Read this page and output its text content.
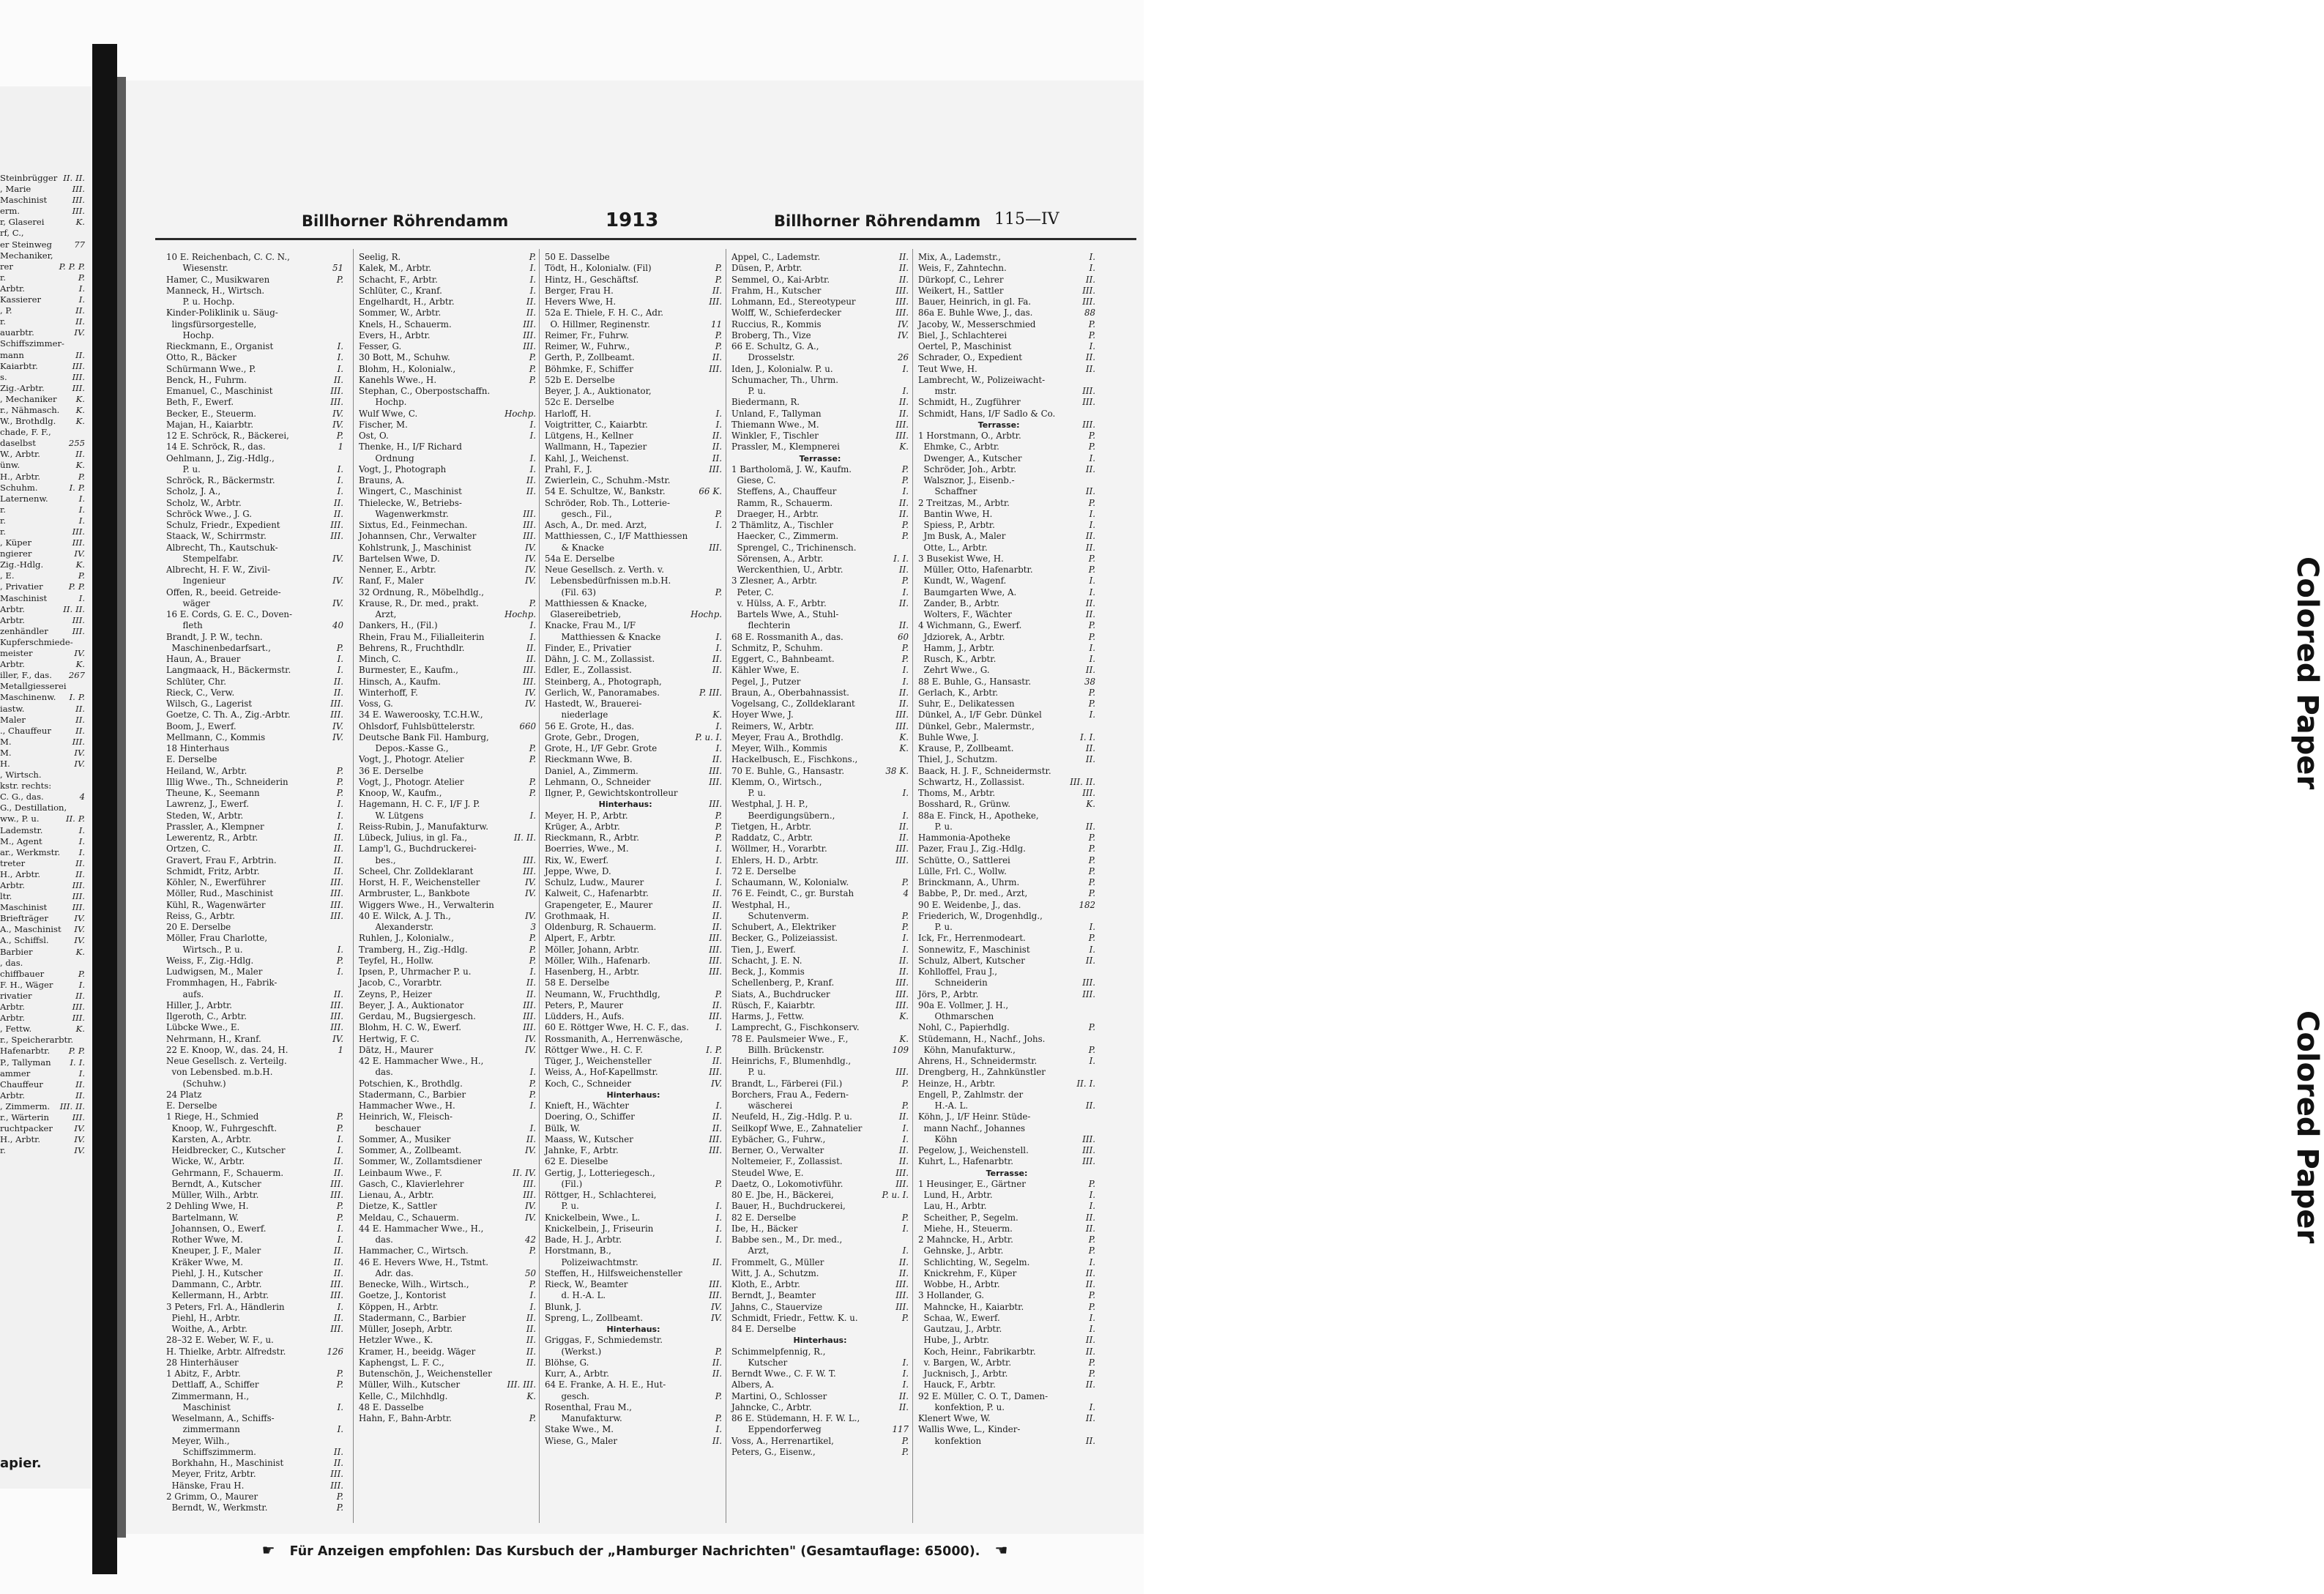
II.
II.
Steinbrügger
III.
, Marie
III.
Maschinist
III.
erm.
K.
r, Glaserei
rf, C.,
77
er Steinweg
Mechaniker,
P.
P.
P.
rer
P.
r.
I.
Arbtr.
I.
Kassierer
II.
, P.
II.
r.
IV.
auarbtr.
Schiffszimmer-
II.
mann
III.
Kaiarbtr.
III.
s.
III.
Zig.-Arbtr.
K.
, Mechaniker
K.
r., Nähmasch.
K.
W., Brothdlg.
chade, F. F.,
255
daselbst
II.
W., Arbtr.
K.
ünw.
P.
H., Arbtr.
P.
I.
Schuhm.
I.
Laternenw.
I.
r.
I.
r.
III.
r.
III.
, Küper
IV.
ngierer
K.
Zig.-Hdlg.
P.
, E.
P.
P.
, Privatier
I.
Maschinist
II.
II.
Arbtr.
III.
Arbtr.
III.
zenhändler
Kupferschmiede-
IV.
meister
K.
Arbtr.
267
iller, F., das.
Metallgiesserei
P.
I.
Maschinenw.
II.
iastw.
II.
Maler
II.
., Chauffeur
III.
M.
IV.
M.
IV.
H.
, Wirtsch.
kstr. rechts:
4
C. G., das.
G., Destillation,
P.
II.
ww., P. u.
I.
Lademstr.
I.
M., Agent
I.
ar., Werkmstr.
II.
treter
II.
H., Arbtr.
III.
Arbtr.
III.
ltr.
III.
Maschinist
IV.
Briefträger
IV.
A., Maschinist
IV.
A., Schiffsl.
K.
Barbier
, das.
P.
chiffbauer
I.
F. H., Wäger
II.
rivatier
III.
Arbtr.
III.
Arbtr.
K.
, Fettw.
r., Speicherarbtr.
P.
P.
Hafenarbtr.
I.
I.
P., Tallyman
I.
ammer
II.
Chauffeur
II.
Arbtr.
II.
III.
, Zimmerm.
III.
r., Wärterin
IV.
ruchtpacker
IV.
H., Arbtr.
IV.
r.
apier.
Billhorner Röhrendamm	1913	Billhorner Röhrendamm 115—IV
10 E. Reichenbach, C. C. N.,
51
Wiesenstr.
P.
Hamer, C., Musikwaren
Manneck, H., Wirtsch.
P. u. Hochp.
Kinder-Poliklinik u. Säug-
lingsfürsorgestelle,
Hochp.
I.
Rieckmann, E., Organist
I.
Otto, R., Bäcker
I.
Schürmann Wwe., P.
II.
Benck, H., Fuhrm.
III.
Emanuel, C., Maschinist
III.
Beth, F., Ewerf.
IV.
Becker, E., Steuerm.
IV.
Majan, H., Kaiarbtr.
P.
12 E. Schröck, R., Bäckerei,
1
14 E. Schröck, R., das.
Oehlmann, J., Zig.-Hdlg.,
I.
P. u.
I.
Schröck, R., Bäckermstr.
I.
Scholz, J. A.,
II.
Scholz, W., Arbtr.
II.
Schröck Wwe., J. G.
III.
Schulz, Friedr., Expedient
III.
Staack, W., Schirrmstr.
Albrecht, Th., Kautschuk-
IV.
Stempelfabr.
Albrecht, H. F. W., Zivil-
IV.
Ingenieur
Offen, R., beeid. Getreide-
IV.
wäger
16 E. Cords, G. E. C., Doven-
40
fleth
Brandt, J. P. W., techn.
P.
Maschinenbedarfsart.,
I.
Haun, A., Brauer
I.
Langmaack, H., Bäckermstr.
II.
Schlüter, Chr.
II.
Rieck, C., Verw.
III.
Wilsch, G., Lagerist
III.
Goetze, C. Th. A., Zig.-Arbtr.
IV.
Boom, J., Ewerf.
IV.
Mellmann, C., Kommis
18 Hinterhaus
E. Derselbe
P.
Heiland, W., Arbtr.
P.
Illig Wwe., Th., Schneiderin
P.
Theune, K., Seemann
I.
Lawrenz, J., Ewerf.
I.
Steden, W., Arbtr.
I.
Prassler, A., Klempner
II.
Lewerentz, R., Arbtr.
II.
Ortzen, C.
II.
Gravert, Frau F., Arbtrin.
II.
Schmidt, Fritz, Arbtr.
III.
Köhler, N., Ewerführer
III.
Möller, Rud., Maschinist
III.
Kühl, R., Wagenwärter
III.
Reiss, G., Arbtr.
20 E. Derselbe
Möller, Frau Charlotte,
I.
Wirtsch., P. u.
P.
Weiss, F., Zig.-Hdlg.
I.
Ludwigsen, M., Maler
Frommhagen, H., Fabrik-
II.
aufs.
III.
Hiller, J., Arbtr.
III.
Ilgeroth, C., Arbtr.
III.
Lübcke Wwe., E.
IV.
Nehrmann, H., Kranf.
1
22 E. Knoop, W., das. 24, H.
Neue Gesellsch. z. Verteilg.
von Lebensbed. m.b.H.
(Schuhw.)
24 Platz
E. Derselbe
P.
1 Riege, H., Schmied
P.
Knoop, W., Fuhrgeschft.
I.
Karsten, A., Arbtr.
I.
Heidbrecker, C., Kutscher
II.
Wicke, W., Arbtr.
II.
Gehrmann, F., Schauerm.
III.
Berndt, A., Kutscher
III.
Müller, Wilh., Arbtr.
P.
2 Dehling Wwe, H.
P.
Bartelmann, W.
I.
Johannsen, O., Ewerf.
I.
Rother Wwe, M.
II.
Kneuper, J. F., Maler
II.
Kräker Wwe, M.
II.
Piehl, J. H., Kutscher
III.
Dammann, C., Arbtr.
III.
Kellermann, H., Arbtr.
I.
3 Peters, Frl. A., Händlerin
II.
Piehl, H., Arbtr.
III.
Woithe, A., Arbtr.
28–32 E. Weber, W. F., u.
126
H. Thielke, Arbtr. Alfredstr.
28 Hinterhäuser
P.
1 Abitz, F., Arbtr.
P.
Dettlaff, A., Schiffer
Zimmermann, H.,
I.
Maschinist
Weselmann, A., Schiffs-
I.
zimmermann
Meyer, Wilh.,
II.
Schiffszimmerm.
II.
Borkhahn, H., Maschinist
III.
Meyer, Fritz, Arbtr.
III.
Hänske, Frau H.
P.
2 Grimm, O., Maurer
P.
Berndt, W., Werkmstr.
P.
Seelig, R.
I.
Kalek, M., Arbtr.
I.
Schacht, F., Arbtr.
I.
Schlüter, C., Kranf.
II.
Engelhardt, H., Arbtr.
II.
Sommer, W., Arbtr.
III.
Knels, H., Schauerm.
III.
Evers, H., Arbtr.
III.
Fesser, G.
P.
30 Bott, M., Schuhw.
P.
Blohm, H., Kolonialw.,
P.
Kanehls Wwe., H.
Stephan, C., Oberpostschaffn.
Hochp.
Hochp.
Wulf Wwe, C.
I.
Fischer, M.
I.
Ost, O.
Thenke, H., I/F Richard
I.
Ordnung
I.
Vogt, J., Photograph
II.
Brauns, A.
II.
Wingert, C., Maschinist
Thielecke, W., Betriebs-
III.
Wagenwerkmstr.
III.
Sixtus, Ed., Feinmechan.
III.
Johannsen, Chr., Verwalter
IV.
Kohlstrunk, J., Maschinist
IV.
Bartelsen Wwe, D.
IV.
Nenner, E., Arbtr.
IV.
Ranf, F., Maler
32 Ordnung, R., Möbelhdlg.,
P.
Krause, R., Dr. med., prakt.
Hochp.
Arzt,
I.
Dankers, H., (Fil.)
I.
Rhein, Frau M., Filialleiterin
II.
Behrens, R., Fruchthdlr.
II.
Minch, C.
III.
Burmester, E., Kaufm.,
III.
Hinsch, A., Kaufm.
IV.
Winterhoff, F.
IV.
Voss, G.
34 E. Waweroosky, T.C.H.W.,
660
Ohlsdorf, Fuhlsbüttelerstr.
Deutsche Bank Fil. Hamburg,
P.
Depos.-Kasse G.,
P.
Vogt, J., Photogr. Atelier
36 E. Derselbe
P.
Vogt, J., Photogr. Atelier
P.
Knoop, W., Kaufm.,
Hagemann, H. C. F., I/F J. P.
I.
W. Lütgens
Reiss-Rubin, J., Manufakturw.
II.
II.
Lübeck, Julius, in gl. Fa.,
Lamp'l, G., Buchdruckerei-
III.
bes.,
III.
Scheel, Chr. Zolldeklarant
IV.
Horst, H. F., Weichensteller
IV.
Armbruster, L., Bankbote
Wiggers Wwe., H., Verwalterin
IV.
40 E. Wilck, A. J. Th.,
3
Alexanderstr.
P.
Ruhlen, J., Kolonialw.,
P.
Tramberg, H., Zig.-Hdlg.
P.
Teyfel, H., Hollw.
I.
Ipsen, P., Uhrmacher P. u.
II.
Jacob, C., Vorarbtr.
II.
Zeyns, P., Heizer
III.
Beyer, J. A., Auktionator
III.
Gerdau, M., Bugsiergesch.
III.
Blohm, H. C. W., Ewerf.
IV.
Hertwig, F. C.
IV.
Dätz, H., Maurer
42 E. Hammacher Wwe., H.,
I.
das.
P.
Potschien, K., Brothdlg.
P.
Stadermann, C., Barbier
I.
Hammacher Wwe., H.
Heinrich, W., Fleisch-
I.
beschauer
II.
Sommer, A., Musiker
IV.
Sommer, A., Zollbeamt.
Sommer, W., Zollamtsdiener
IV.
II.
Leinbaum Wwe., F.
III.
Gasch, C., Klavierlehrer
III.
Lienau, A., Arbtr.
IV.
Dietze, K., Sattler
IV.
Meldau, C., Schauerm.
44 E. Hammacher Wwe., H.,
42
das.
P.
Hammacher, C., Wirtsch.
46 E. Hevers Wwe, H., Tstmt.
50
Adr. das.
P.
Benecke, Wilh., Wirtsch.,
I.
Goetze, J., Kontorist
I.
Köppen, H., Arbtr.
II.
Stadermann, C., Barbier
II.
Müller, Joseph, Arbtr.
II.
Hetzler Wwe., K.
II.
Kramer, H., beeidg. Wäger
II.
Kaphengst, L. F. C.,
Butenschön, J., Weichensteller
III.
III.
Müller, Wilh., Kutscher
K.
Kelle, C., Milchhdlg.
48 E. Dasselbe
P.
Hahn, F., Bahn-Arbtr.
50 E. Dasselbe
P.
Tödt, H., Kolonialw. (Fil)
P.
Hintz, H., Geschäftsf.
II.
Berger, Frau H.
III.
Hevers Wwe, H.
52a E. Thiele, F. H. C., Adr.
11
O. Hillmer, Reginenstr.
P.
Reimer, Fr., Fuhrw.
P.
Reimer, W., Fuhrw.,
II.
Gerth, P., Zollbeamt.
III.
Böhmke, F., Schiffer
52b E. Derselbe
Beyer, J. A., Auktionator,
52c E. Derselbe
I.
Harloff, H.
I.
Voigtritter, C., Kaiarbtr.
II.
Lütgens, H., Kellner
II.
Wallmann, H., Tapezier
II.
Kahl, J., Weichenst.
III.
Prahl, F., J.
Zwierlein, C., Schuhm.-Mstr.
K.
66
54 E. Schultze, W., Bankstr.
Schröder, Rob. Th., Lotterie-
P.
gesch., Fil.,
I.
Asch, A., Dr. med. Arzt,
Matthiessen, C., I/F Matthiessen
III.
& Knacke
54a E. Derselbe
Neue Gesellsch. z. Verth. v.
Lebensbedürfnissen m.b.H.
P.
(Fil. 63)
Matthiessen & Knacke,
Hochp.
Glasereibetrieb,
Knacke, Frau M., I/F
I.
Matthiessen & Knacke
I.
Finder, E., Privatier
II.
Dähn, J. C. M., Zollassist.
II.
Edler, E., Zollassist.
Steinberg, A., Photograph,
III.
P.
Gerlich, W., Panoramabes.
Hastedt, W., Brauerei-
K.
niederlage
I.
56 E. Grote, H., das.
P. u. I.
Grote, Gebr., Drogen,
I.
Grote, H., I/F Gebr. Grote
II.
Rieckmann Wwe, B.
III.
Daniel, A., Zimmerm.
III.
Lehmann, O., Schneider
Ilgner, P., Gewichtskontrolleur
III.
Hinterhaus:
P.
Meyer, H. P., Arbtr.
P.
Krüger, A., Arbtr.
P.
Rieckmann, R., Arbtr.
I.
Boerries, Wwe., M.
I.
Rix, W., Ewerf.
I.
Jeppe, Wwe, D.
I.
Schulz, Ludw., Maurer
II.
Kalweit, C., Hafenarbtr.
II.
Grapengeter, E., Maurer
II.
Grothmaak, H.
II.
Oldenburg, R. Schauerm.
III.
Alpert, F., Arbtr.
III.
Möller, Johann, Arbtr.
III.
Möller, Wilh., Hafenarb.
III.
Hasenberg, H., Arbtr.
58 E. Derselbe
P.
Neumann, W., Fruchthdlg,
II.
Peters, P., Maurer
III.
Lüdders, H., Aufs.
I.
60 E. Röttger Wwe, H. C. F., das.
Rossmanith, A., Herrenwäsche,
P.
I.
Röttger Wwe., H. C. F.
II.
Tüger, J., Weichensteller
III.
Weiss, A., Hof-Kapellmstr.
IV.
Koch, C., Schneider
Hinterhaus:
I.
Knieft, H., Wächter
II.
Doering, O., Schiffer
II.
Bülk, W.
III.
Maass, W., Kutscher
III.
Jahnke, F., Arbtr.
62 E. Dieselbe
Gertig, J., Lotteriegesch.,
P.
(Fil.)
Röttger, H., Schlachterei,
I.
P. u.
I.
Knickelbein, Wwe., L.
I.
Knickelbein, J., Friseurin
I.
Bade, H. J., Arbtr.
Horstmann, B.,
II.
Polizeiwachtmstr.
Steffen, H., Hilfsweichensteller
III.
Rieck, W., Beamter
III.
d. H.-A. L.
IV.
Blunk, J.
IV.
Spreng, L., Zollbeamt.
Hinterhaus:
Griggas, F., Schmiedemstr.
P.
(Werkst.)
II.
Blöhse, G.
II.
Kurr, A., Arbtr.
64 E. Franke, A. H. E., Hut-
P.
gesch.
Rosenthal, Frau M.,
P.
Manufakturw.
I.
Stake Wwe., M.
II.
Wiese, G., Maler
II.
Appel, C., Lademstr.
II.
Düsen, P., Arbtr.
II.
Semmel, O., Kai-Arbtr.
III.
Frahm, H., Kutscher
III.
Lohmann, Ed., Stereotypeur
III.
Wolff, W., Schieferdecker
IV.
Ruccius, R., Kommis
IV.
Broberg, Th., Vize
66 E. Schultz, G. A.,
26
Drosselstr.
I.
Iden, J., Kolonialw. P. u.
Schumacher, Th., Uhrm.
I.
P. u.
II.
Biedermann, R.
II.
Unland, F., Tallyman
III.
Thiemann Wwe., M.
III.
Winkler, F., Tischler
K.
Prassler, M., Klempnerei
Terrasse:
P.
1 Bartholomä, J. W., Kaufm.
P.
Giese, C.
I.
Steffens, A., Chauffeur
II.
Ramm, R., Schauerm.
II.
Draeger, H., Arbtr.
P.
2 Thämlitz, A., Tischler
P.
Haecker, C., Zimmerm.
Sprengel, C., Trichinensch.
I.
I.
Sörensen, A., Arbtr.
II.
Werckenthien, U., Arbtr.
P.
3 Zlesner, A., Arbtr.
I.
Peter, C.
II.
v. Hülss, A. F., Arbtr.
Bartels Wwe, A., Stuhl-
II.
flechterin
60
68 E. Rossmanith A., das.
P.
Schmitz, P., Schuhm.
P.
Eggert, C., Bahnbeamt.
I.
Kähler Wwe, E.
I.
Pegel, J., Putzer
II.
Braun, A., Oberbahnassist.
II.
Vogelsang, C., Zolldeklarant
III.
Hoyer Wwe, J.
III.
Reimers, W., Arbtr.
K.
Meyer, Frau A., Brothdlg.
K.
Meyer, Wilh., Kommis
Hackelbusch, E., Fischkons.,
K.
38
70 E. Buhle, G., Hansastr.
Klemm, O., Wirtsch.,
I.
P. u.
Westphal, J. H. P.,
I.
Beerdigungsübern.,
II.
Tietgen, H., Arbtr.
II.
Raddatz, C., Arbtr.
III.
Wöllmer, H., Vorarbtr.
III.
Ehlers, H. D., Arbtr.
72 E. Derselbe
P.
Schaumann, W., Kolonialw.
4
76 E. Feindt, C., gr. Burstah
Westphal, H.,
P.
Schutenverm.
P.
Schubert, A., Elektriker
I.
Becker, G., Polizeiassist.
I.
Tien, J., Ewerf.
II.
Schacht, J. E. N.
II.
Beck, J., Kommis
III.
Schellenberg, P., Kranf.
III.
Siats, A., Buchdrucker
III.
Rüsch, F., Kaiarbtr.
K.
Harms, J., Fettw.
Lamprecht, G., Fischkonserv.
K.
78 E. Paulsmeier Wwe., F.,
109
Billh. Brückenstr.
Heinrichs, F., Blumenhdlg.,
III.
P. u.
P.
Brandt, L., Färberei (Fil.)
Borchers, Frau A., Federn-
P.
wäscherei
II.
Neufeld, H., Zig.-Hdlg. P. u.
I.
Seilkopf Wwe, E., Zahnatelier
I.
Eybächer, G., Fuhrw.,
II.
Berner, O., Verwalter
II.
Noltemeier, F., Zollassist.
III.
Steudel Wwe, E.
III.
Daetz, O., Lokomotivführ.
P. u. I.
80 E. Jbe, H., Bäckerei,
Bauer, H., Buchdruckerei,
P.
82 E. Derselbe
I.
Ibe, H., Bäcker
Babbe sen., M., Dr. med.,
I.
Arzt,
II.
Frommelt, G., Müller
II.
Witt, J. A., Schutzm.
III.
Kloth, E., Arbtr.
III.
Berndt, J., Beamter
III.
Jahns, C., Stauervize
P.
Schmidt, Friedr., Fettw. K. u.
84 E. Derselbe
Hinterhaus:
Schimmelpfennig, R.,
I.
Kutscher
I.
Berndt Wwe., C. F. W. T.
I.
Albers, A.
II.
Martini, O., Schlosser
II.
Jahncke, C., Arbtr.
86 E. Stüdemann, H. F. W. L.,
117
Eppendorferweg
P.
Voss, A., Herrenartikel,
P.
Peters, G., Eisenw.,
I.
Mix, A., Lademstr.,
I.
Weis, F., Zahntechn.
II.
Dürkopf, C., Lehrer
III.
Weikert, H., Sattler
III.
Bauer, Heinrich, in gl. Fa.
88
86a E. Buhle Wwe, J., das.
P.
Jacoby, W., Messerschmied
P.
Biel, J., Schlachterei
I.
Oertel, P., Maschinist
II.
Schrader, O., Expedient
II.
Teut Wwe, H.
Lambrecht, W., Polizeiwacht-
III.
mstr.
III.
Schmidt, H., Zugführer
Schmidt, Hans, I/F Sadlo & Co.
III.
Terrasse:
P.
1 Horstmann, O., Arbtr.
P.
Ehmke, C., Arbtr.
I.
Dwenger, A., Kutscher
II.
Schröder, Joh., Arbtr.
Walsznor, J., Eisenb.-
II.
Schaffner
P.
2 Treitzas, M., Arbtr.
I.
Bantin Wwe, H.
I.
Spiess, P., Arbtr.
II.
Jm Busk, A., Maler
II.
Otte, L., Arbtr.
P.
3 Busekist Wwe, H.
P.
Müller, Otto, Hafenarbtr.
I.
Kundt, W., Wagenf.
I.
Baumgarten Wwe, A.
II.
Zander, B., Arbtr.
II.
Wolters, F., Wächter
P.
4 Wichmann, G., Ewerf.
P.
Jdziorek, A., Arbtr.
I.
Hamm, J., Arbtr.
I.
Rusch, K., Arbtr.
II.
Zehrt Wwe., G.
38
88 E. Buhle, G., Hansastr.
P.
Gerlach, K., Arbtr.
P.
Suhr, E., Delikatessen
I.
Dünkel, A., I/F Gebr. Dünkel
Dünkel, Gebr., Malermstr.,
I.
I.
Buhle Wwe, J.
II.
Krause, P., Zollbeamt.
II.
Thiel, J., Schutzm.
Baack, H. J. F., Schneidermstr.
II.
III.
Schwartz, H., Zollassist.
III.
Thoms, M., Arbtr.
K.
Bosshard, R., Grünw.
88a E. Finck, H., Apotheke,
II.
P. u.
P.
Hammonia-Apotheke
P.
Pazer, Frau J., Zig.-Hdlg.
P.
Schütte, O., Sattlerei
P.
Lülle, Frl. C., Wollw.
P.
Brinckmann, A., Uhrm.
P.
Babbe, P., Dr. med., Arzt,
182
90 E. Weidenbe, J., das.
Friederich, W., Drogenhdlg.,
I.
P. u.
P.
Ick, Fr., Herrenmodeart.
I.
Sonnewitz, F., Maschinist
II.
Schulz, Albert, Kutscher
Kohlloffel, Frau J.,
III.
Schneiderin
III.
Jörs, P., Arbtr.
90a E. Vollmer, J. H.,
Othmarschen
P.
Nohl, C., Papierhdlg.
Stüdemann, H., Nachf., Johs.
P.
Köhn, Manufakturw.,
I.
Ahrens, H., Schneidermstr.
Drengberg, H., Zahnkünstler
I.
II.
Heinze, H., Arbtr.
Engell, P., Zahlmstr. der
II.
H.-A. L.
Köhn, J., I/F Heinr. Stüde-
mann Nachf., Johannes
III.
Köhn
III.
Pegelow, J., Weichenstell.
III.
Kuhrt, L., Hafenarbtr.
Terrasse:
P.
1 Heusinger, E., Gärtner
I.
Lund, H., Arbtr.
I.
Lau, H., Arbtr.
II.
Scheither, P., Segelm.
II.
Miehe, H., Steuerm.
P.
2 Mahncke, H., Arbtr.
P.
Gehnske, J., Arbtr.
I.
Schlichting, W., Segelm.
II.
Knickrehm, F., Küper
II.
Wobbe, H., Arbtr.
P.
3 Hollander, G.
P.
Mahncke, H., Kaiarbtr.
I.
Schaa, W., Ewerf.
I.
Gautzau, J., Arbtr.
II.
Hube, J., Arbtr.
II.
Koch, Heinr., Fabrikarbtr.
P.
v. Bargen, W., Arbtr.
P.
Jucknisch, J., Arbtr.
II.
Hauck, F., Arbtr.
92 E. Müller, C. O. T., Damen-
I.
konfektion, P. u.
II.
Klenert Wwe, W.
Wallis Wwe, L., Kinder-
II.
konfektion
☛ Für Anzeigen empfohlen: Das Kursbuch der „Hamburger Nachrichten" (Gesamtauflage: 65000). ☚
Colored Paper
Colored Paper
